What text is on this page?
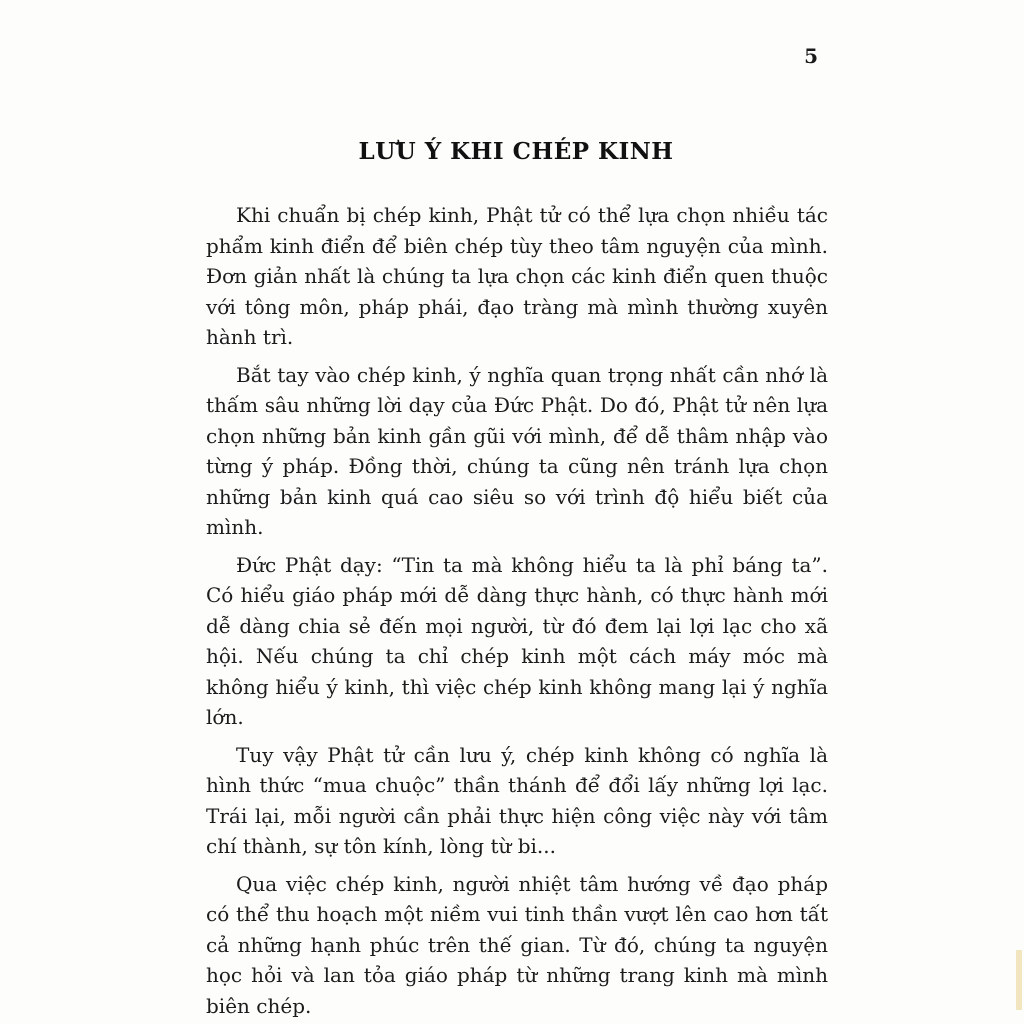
5
LƯU Ý KHI CHÉP KINH

Khi chuẩn bị chép kinh, Phật tử có thể lựa chọn nhiều tác phẩm kinh điển để biên chép tùy theo tâm nguyện của mình. Đơn giản nhất là chúng ta lựa chọn các kinh điển quen thuộc với tông môn, pháp phái, đạo tràng mà mình thường xuyên hành trì.

Bắt tay vào chép kinh, ý nghĩa quan trọng nhất cần nhớ là thấm sâu những lời dạy của Đức Phật. Do đó, Phật tử nên lựa chọn những bản kinh gần gũi với mình, để dễ thâm nhập vào từng ý pháp. Đồng thời, chúng ta cũng nên tránh lựa chọn những bản kinh quá cao siêu so với trình độ hiểu biết của mình.

Đức Phật dạy: “Tin ta mà không hiểu ta là phỉ báng ta”. Có hiểu giáo pháp mới dễ dàng thực hành, có thực hành mới dễ dàng chia sẻ đến mọi người, từ đó đem lại lợi lạc cho xã hội. Nếu chúng ta chỉ chép kinh một cách máy móc mà không hiểu ý kinh, thì việc chép kinh không mang lại ý nghĩa lớn.

Tuy vậy Phật tử cần lưu ý, chép kinh không có nghĩa là hình thức “mua chuộc” thần thánh để đổi lấy những lợi lạc. Trái lại, mỗi người cần phải thực hiện công việc này với tâm chí thành, sự tôn kính, lòng từ bi...

Qua việc chép kinh, người nhiệt tâm hướng về đạo pháp có thể thu hoạch một niềm vui tinh thần vượt lên cao hơn tất cả những hạnh phúc trên thế gian. Từ đó, chúng ta nguyện học hỏi và lan tỏa giáo pháp từ những trang kinh mà mình biên chép.
